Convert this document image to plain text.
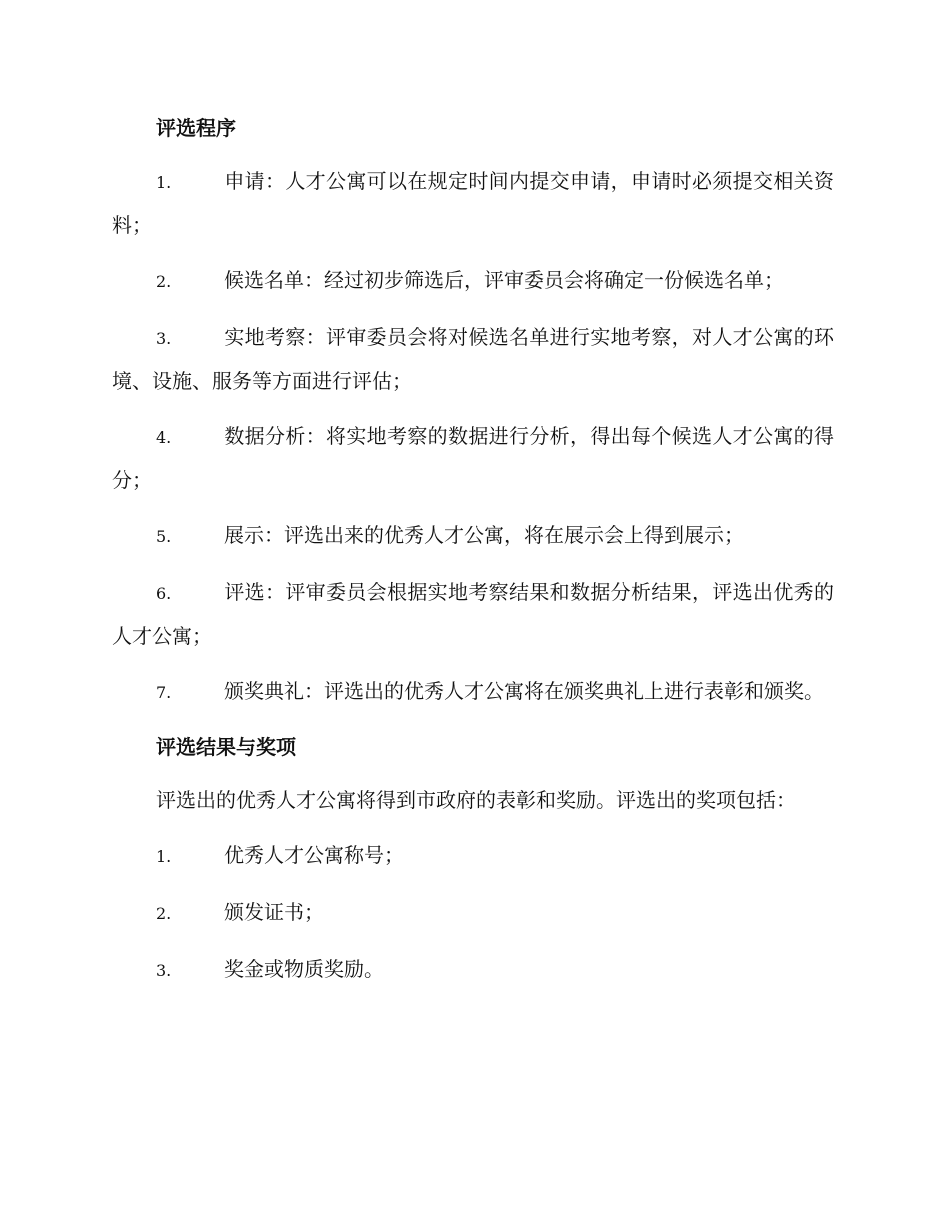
评选程序
1.	申请：人才公寓可以在规定时间内提交申请，申请时必须提交相关资料；
2.	候选名单：经过初步筛选后，评审委员会将确定一份候选名单；
3.	实地考察：评审委员会将对候选名单进行实地考察，对人才公寓的环境、设施、服务等方面进行评估；
4.	数据分析：将实地考察的数据进行分析，得出每个候选人才公寓的得分；
5.	展示：评选出来的优秀人才公寓，将在展示会上得到展示；
6.	评选：评审委员会根据实地考察结果和数据分析结果，评选出优秀的人才公寓；
7.	颁奖典礼：评选出的优秀人才公寓将在颁奖典礼上进行表彰和颁奖。
评选结果与奖项
评选出的优秀人才公寓将得到市政府的表彰和奖励。评选出的奖项包括：
1.	优秀人才公寓称号；
2.	颁发证书；
3.	奖金或物质奖励。
